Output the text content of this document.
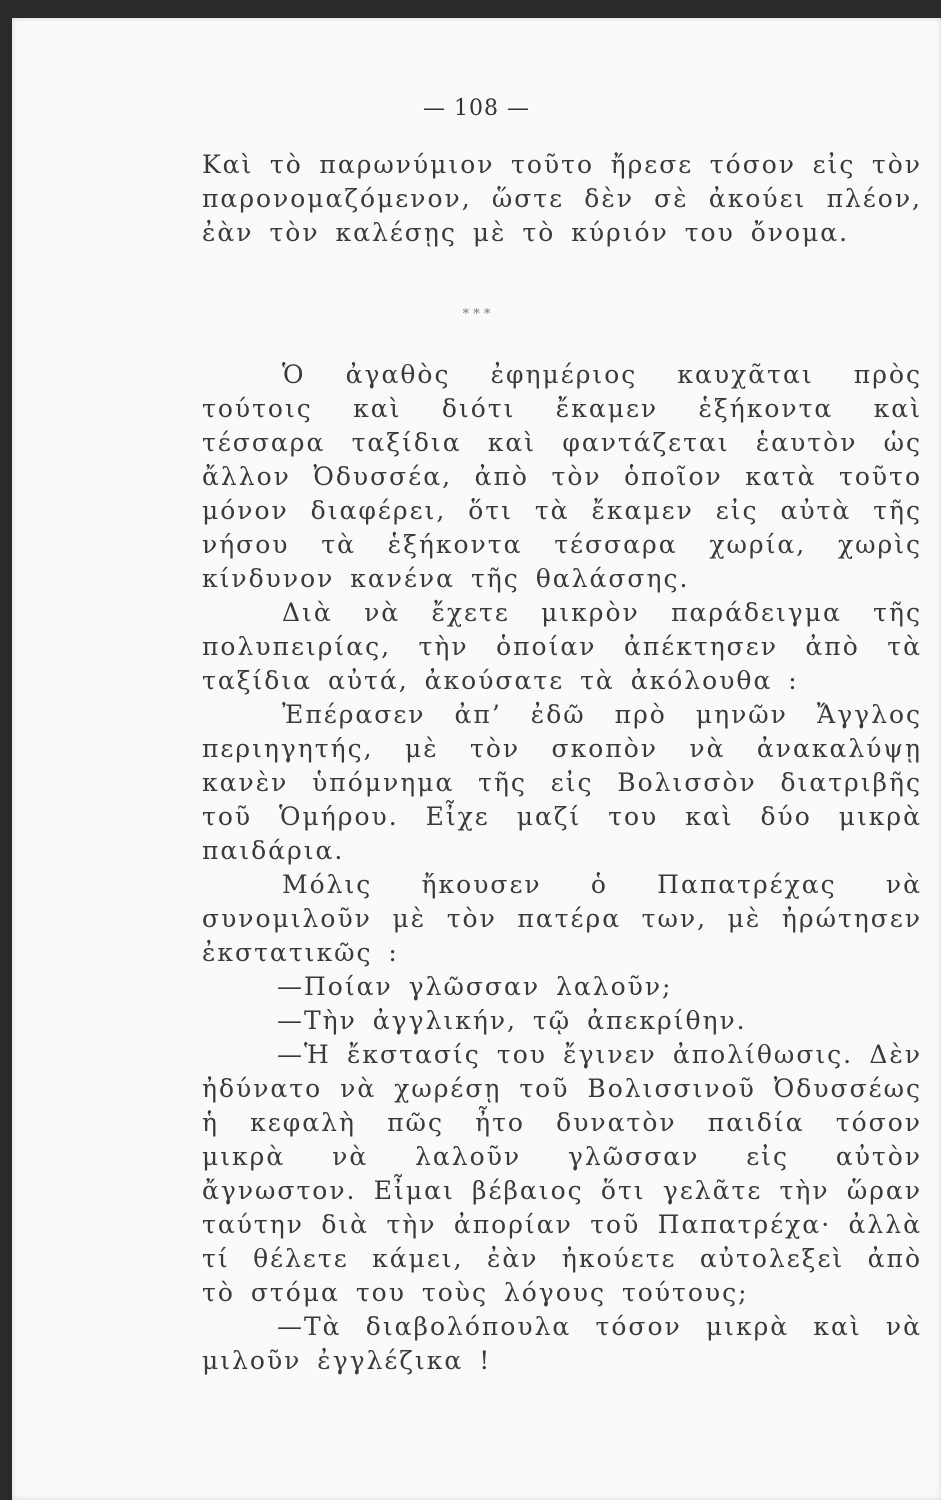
— 108 —
Καὶ τὸ παρωνύμιον τοῦτο ἤρεσε τόσον εἰς τὸν παρονομαζόμενον, ὥστε δὲν σὲ ἀκούει πλέον, ἐὰν τὸν καλέσῃς μὲ τὸ κύριόν του ὄνομα.
* * *
Ὁ ἀγαθὸς ἐφημέριος καυχᾶται πρὸς τούτοις καὶ διότι ἔκαμεν ἑξήκοντα καὶ τέσσαρα ταξίδια καὶ φαντάζεται ἑαυτὸν ὡς ἄλλον Ὀδυσσέα, ἀπὸ τὸν ὁποῖον κατὰ τοῦτο μόνον διαφέρει, ὅτι τὰ ἔκαμεν εἰς αὐτὰ τῆς νήσου τὰ ἑξήκοντα τέσσαρα χωρία, χωρὶς κίνδυνον κανένα τῆς θαλάσσης.
Διὰ νὰ ἔχετε μικρὸν παράδειγμα τῆς πολυπειρίας, τὴν ὁποίαν ἀπέκτησεν ἀπὸ τὰ ταξίδια αὐτά, ἀκούσατε τὰ ἀκόλουθα :
Ἐπέρασεν ἀπ’ ἐδῶ πρὸ μηνῶν Ἄγγλος περιηγητής, μὲ τὸν σκοπὸν νὰ ἀνακαλύψῃ κανὲν ὑπόμνημα τῆς εἰς Βολισσὸν διατριβῆς τοῦ Ὁμήρου. Εἶχε μαζί του καὶ δύο μικρὰ παιδάρια.
Μόλις ἤκουσεν ὁ Παπατρέχας νὰ συνομιλοῦν μὲ τὸν πατέρα των, μὲ ἠρώτησεν ἐκστατικῶς :
—Ποίαν γλῶσσαν λαλοῦν;
—Τὴν ἀγγλικήν, τῷ ἀπεκρίθην.
—Ἡ ἔκστασίς του ἔγινεν ἀπολίθωσις. Δὲν ἠδύνατο νὰ χωρέσῃ τοῦ Βολισσινοῦ Ὀδυσσέως ἡ κεφαλὴ πῶς ἦτο δυνατὸν παιδία τόσον μικρὰ νὰ λαλοῦν γλῶσσαν εἰς αὐτὸν ἄγνωστον. Εἶμαι βέβαιος ὅτι γελᾶτε τὴν ὥραν ταύτην διὰ τὴν ἀπορίαν τοῦ Παπατρέχα· ἀλλὰ τί θέλετε κάμει, ἐὰν ἠκούετε αὐτολεξεὶ ἀπὸ τὸ στόμα του τοὺς λόγους τούτους;
—Τὰ διαβολόπουλα τόσον μικρὰ καὶ νὰ μιλοῦν ἐγγλέζικα !
